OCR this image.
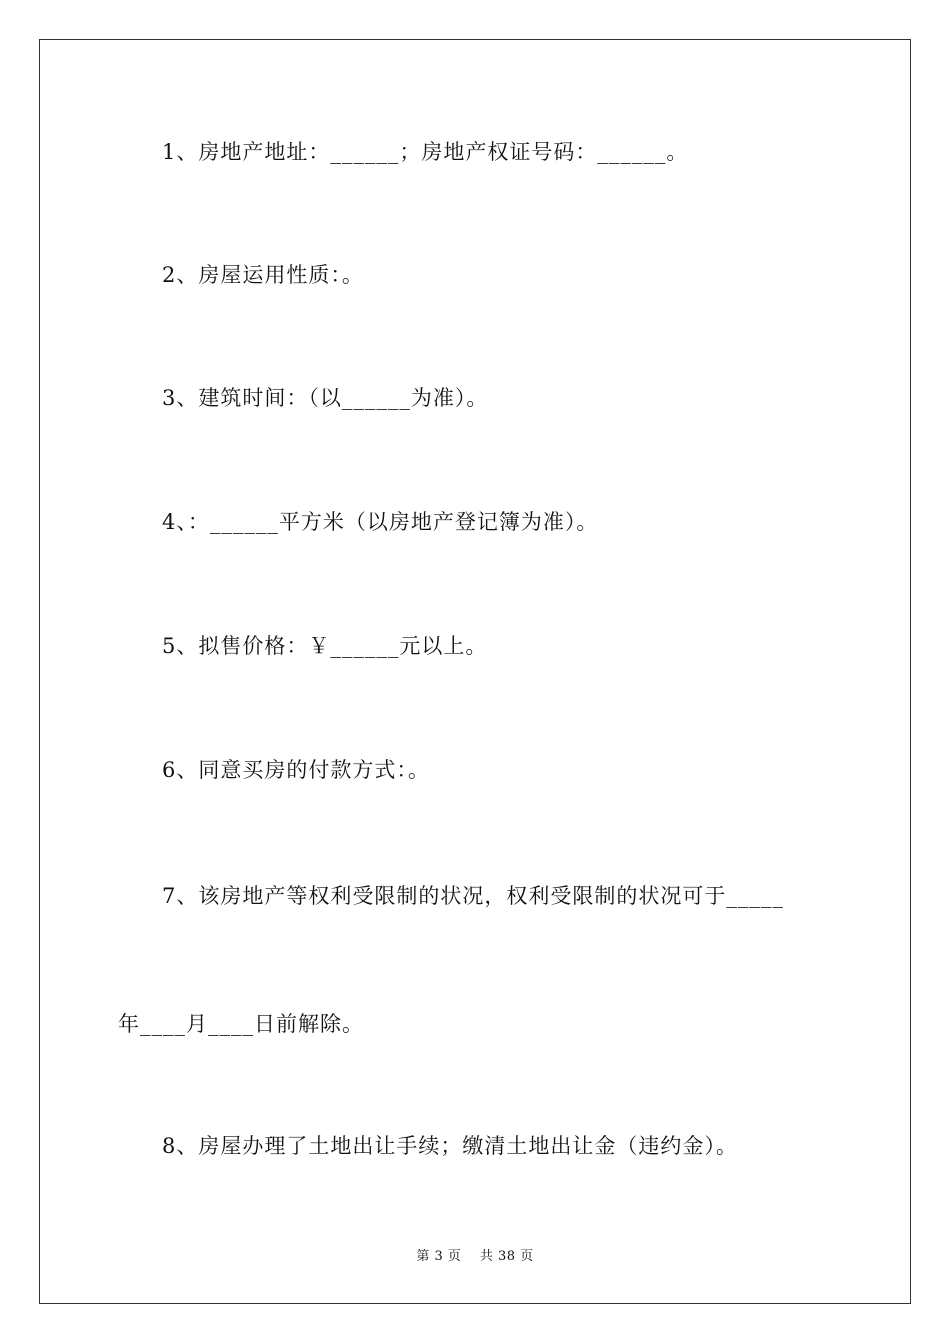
1、房地产地址：______；房地产权证号码：______。
2、房屋运用性质：。
3、建筑时间：（以______为准）。
4、：______平方米（以房地产登记簿为准）。
5、拟售价格：￥______元以上。
6、同意买房的付款方式：。
7、该房地产等权利受限制的状况，权利受限制的状况可于_____
年____月____日前解除。
8、房屋办理了土地出让手续；缴清土地出让金（违约金）。
第 3 页    共 38 页
